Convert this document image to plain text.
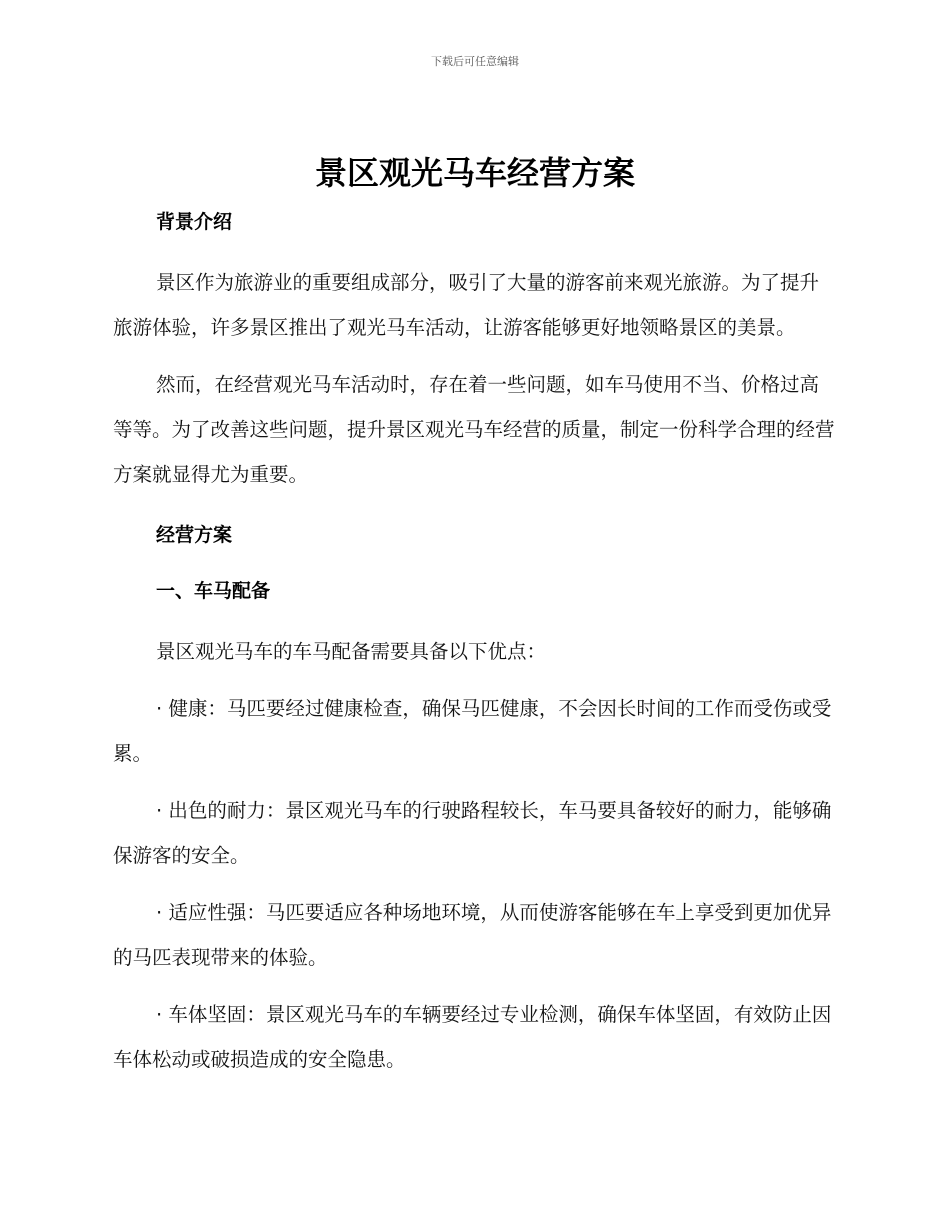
下载后可任意编辑
景区观光马车经营方案
背景介绍

景区作为旅游业的重要组成部分，吸引了大量的游客前来观光旅游。为了提升旅游体验，许多景区推出了观光马车活动，让游客能够更好地领略景区的美景。

然而，在经营观光马车活动时，存在着一些问题，如车马使用不当、价格过高等等。为了改善这些问题，提升景区观光马车经营的质量，制定一份科学合理的经营方案就显得尤为重要。

经营方案
一、车马配备

景区观光马车的车马配备需要具备以下优点：

· 健康：马匹要经过健康检查，确保马匹健康，不会因长时间的工作而受伤或受累。

· 出色的耐力：景区观光马车的行驶路程较长，车马要具备较好的耐力，能够确保游客的安全。

· 适应性强：马匹要适应各种场地环境，从而使游客能够在车上享受到更加优异的马匹表现带来的体验。

· 车体坚固：景区观光马车的车辆要经过专业检测，确保车体坚固，有效防止因车体松动或破损造成的安全隐患。
